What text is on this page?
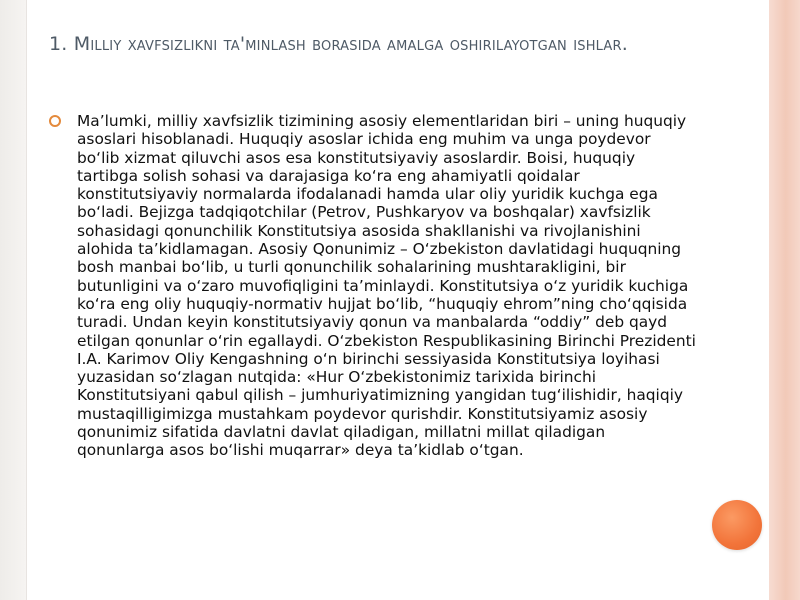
1. Milliy xavfsizlikni ta'minlash borasida amalga oshirilayotgan ishlar.

Ma’lumki, milliy xavfsizlik tizimining asosiy elementlaridan biri – uning huquqiy asoslari hisoblanadi. Huquqiy asoslar ichida eng muhim va unga poydevor bo‘lib xizmat qiluvchi asos esa konstitutsiyaviy asoslardir. Boisi, huquqiy tartibga solish sohasi va darajasiga ko‘ra eng ahamiyatli qoidalar konstitutsiyaviy normalarda ifodalanadi hamda ular oliy yuridik kuchga ega bo‘ladi. Bejizga tadqiqotchilar (Petrov, Pushkaryov va boshqalar) xavfsizlik sohasidagi qonunchilik Konstitutsiya asosida shakllanishi va rivojlanishini alohida ta’kidlamagan. Asosiy Qonunimiz – O‘zbekiston davlatidagi huquqning bosh manbai bo‘lib, u turli qonunchilik sohalarining mushtarakligini, bir butunligini va o‘zaro muvofiqligini ta’minlaydi. Konstitutsiya o‘z yuridik kuchiga ko‘ra eng oliy huquqiy-normativ hujjat bo‘lib, “huquqiy ehrom”ning cho‘qqisida turadi. Undan keyin konstitutsiyaviy qonun va manbalarda “oddiy” deb qayd etilgan qonunlar o‘rin egallaydi. O‘zbekiston Respublikasining Birinchi Prezidenti I.A. Karimov Oliy Kengashning o‘n birinchi sessiyasida Konstitutsiya loyihasi yuzasidan so‘zlagan nutqida: «Hur O‘zbekistonimiz tarixida birinchi Konstitutsiyani qabul qilish – jumhuriyatimizning yangidan tug‘ilishidir, haqiqiy mustaqilligimizga mustahkam poydevor qurishdir. Konstitutsiyamiz asosiy qonunimiz sifatida davlatni davlat qiladigan, millatni millat qiladigan qonunlarga asos bo‘lishi muqarrar» deya ta’kidlab o‘tgan.
